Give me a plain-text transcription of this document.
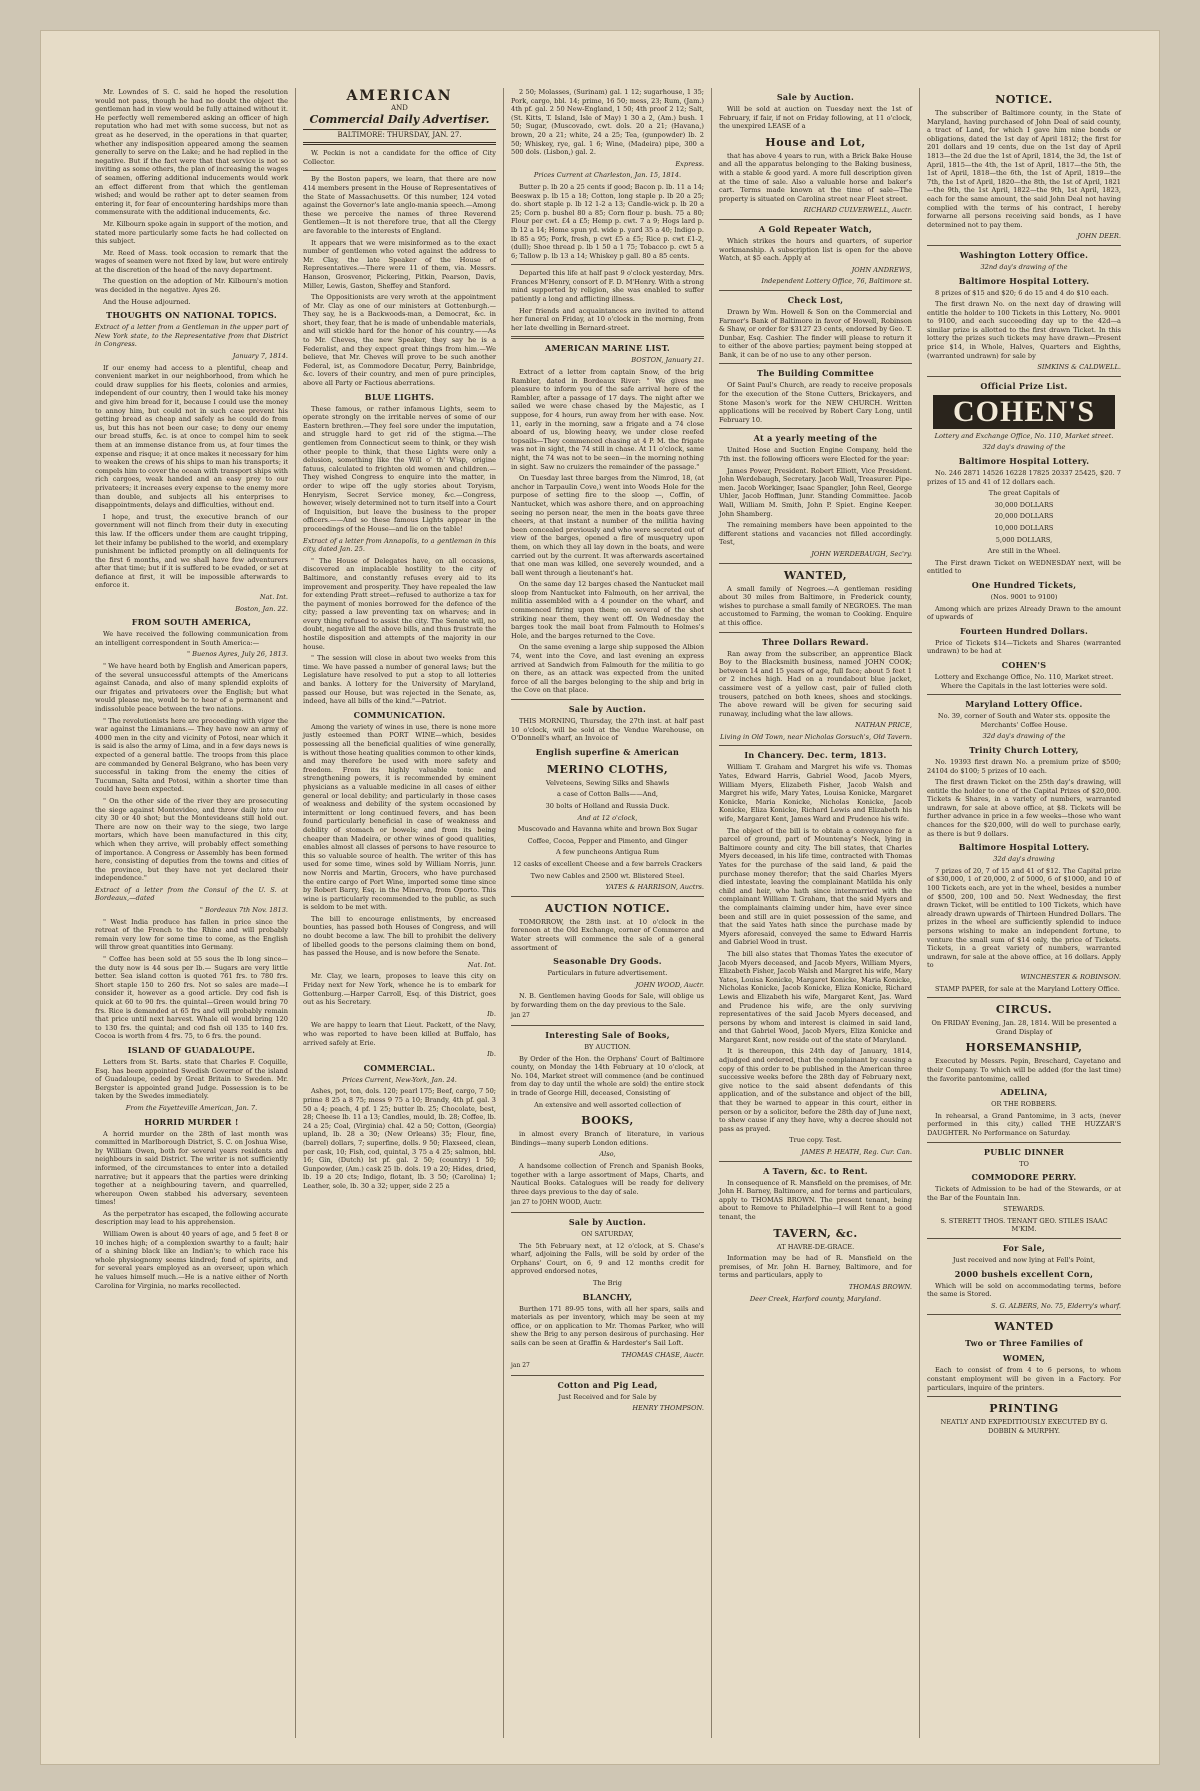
Mr. Lowndes of S. C. said he hoped the resolution would not pass, though he had no doubt the object the gentleman had in view would be fully attained without it. He perfectly well remembered asking an officer of high reputation who had met with some success, but not as great as he deserved, in the operations in that quarter, whether any indisposition appeared among the seamen generally to serve on the Lake; and he had replied in the negative. But if the fact were that that service is not so inviting as some others, the plan of increasing the wages of seamen, offering additional inducements would work an effect different from that which the gentleman wished; and would be rather apt to deter seamen from entering it, for fear of encountering hardships more than commensurate with the additional inducements, &c.

Mr. Kilbourn spoke again in support of the motion, and stated more particularly some facts he had collected on this subject.

Mr. Reed of Mass. took occasion to remark that the wages of seamen were not fixed by law, but were entirely at the discretion of the head of the navy department.

The question on the adoption of Mr. Kilbourn's motion was decided in the negative. Ayes 26.

And the House adjourned.

THOUGHTS ON NATIONAL TOPICS.

Extract of a letter from a Gentleman in the upper part of New York state, to the Representative from that District in Congress.

January 7, 1814.

If our enemy had access to a plentiful, cheap and convenient market in our neighborhood, from which he could draw supplies for his fleets, colonies and armies, independent of our country, then I would take his money and give him bread for it, because I could use the money to annoy him, but could not in such case prevent his getting bread as cheap and safely as he could do from us, but this has not been our case; to deny our enemy our bread stuffs, &c. is at once to compel him to seek them at an immense distance from us, at four times the expense and risque; it at once makes it necessary for him to weaken the crews of his ships to man his transports; it compels him to cover the ocean with transport ships with rich cargoes, weak handed and an easy prey to our privateers; it increases every expense to the enemy more than double, and subjects all his enterprises to disappointments, delays and difficulties, without end.

I hope, and trust, the executive branch of our government will not flinch from their duty in executing this law. If the officers under them are caught tripping, let their infamy be published to the world, and exemplary punishment be inflicted promptly on all delinquents for the first 6 months, and we shall have few adventurers after that time; but if it is suffered to be evaded, or set at defiance at first, it will be impossible afterwards to enforce it.

Nat. Int.

Boston, Jan. 22.

FROM SOUTH AMERICA,

We have received the following communication from an intelligent correspondent in South America:—

" Buenos Ayres, July 26, 1813.

" We have heard both by English and American papers, of the several unsuccessful attempts of the Americans against Canada, and also of many splendid exploits of our frigates and privateers over the English; but what would please me, would be to hear of a permanent and indissoluble peace between the two nations.

" The revolutionists here are proceeding with vigor the war against the Limanians.— They have now an army of 4000 men in the city and vicinity of Potosi, near which it is said is also the army of Lima, and in a few days news is expected of a general battle. The troops from this place are commanded by General Belgrano, who has been very successful in taking from the enemy the cities of Tucuman, Salta and Potosi, within a shorter time than could have been expected.

" On the other side of the river they are prosecuting the siege against Montevideo, and throw daily into our city 30 or 40 shot; but the Montevideans still hold out. There are now on their way to the siege, two large mortars, which have been manufactured in this city, which when they arrive, will probably effect something of importance. A Congress or Assembly has been formed here, consisting of deputies from the towns and cities of the province, but they have not yet declared their independence."

Extract of a letter from the Consul of the U. S. at Bordeaux,—dated

" Bordeaux 7th Nov. 1813.

" West India produce has fallen in price since the retreat of the French to the Rhine and will probably remain very low for some time to come, as the English will throw great quantities into Germany.

" Coffee has been sold at 55 sous the lb long since—the duty now is 44 sous per lb.— Sugars are very little better. Sea island cotton is quoted 761 frs. to 780 frs. Short staple 150 to 260 frs. Not so sales are made—I consider it, however as a good article. Dry cod fish is quick at 60 to 90 frs. the quintal—Green would bring 70 frs. Rice is demanded at 65 frs and will probably remain that price until next harvest. Whale oil would bring 120 to 130 frs. the quintal; and cod fish oil 135 to 140 frs. Cocoa is worth from 4 frs. 75, to 6 frs. the pound.

ISLAND OF GUADALOUPE.

Letters from St. Barts. state that Charles F. Coquille, Esq. has been appointed Swedish Governor of the island of Guadaloupe, ceded by Great Britain to Sweden. Mr. Bergster is appointed grand Judge. Possession is to be taken by the Swedes immediately.

From the Fayetteville American, Jan. 7.

HORRID MURDER !

A horrid murder on the 28th of last month was committed in Marlborough District, S. C. on Joshua Wise, by William Owen, both for several years residents and neighbours in said District. The writer is not sufficiently informed, of the circumstances to enter into a detailed narrative; but it appears that the parties were drinking together at a neighbouring tavern, and quarrelled, whereupon Owen stabbed his adversary, seventeen times!

As the perpetrator has escaped, the following accurate description may lead to his apprehension.

William Owen is about 40 years of age, and 5 feet 8 or 10 inches high; of a complexion swarthy to a fault; hair of a shining black like an Indian's; to which race his whole physiognomy seems kindred; fond of spirits, and for several years employed as an overseer, upon which he values himself much.—He is a native either of North Carolina for Virginia, no marks recollected.

AMERICAN
AND
Commercial Daily Advertiser.
BALTIMORE: THURSDAY, JAN. 27.

W. Peckin is not a candidate for the office of City Collector.

By the Boston papers, we learn, that there are now 414 members present in the House of Representatives of the State of Massachusetts. Of this number, 124 voted against the Governor's late anglo-mania speech.—Among these we perceive the names of three Reverend Gentlemen—It is not therefore true, that all the Clergy are favorable to the interests of England.

It appears that we were misinformed as to the exact number of gentlemen who voted against the address to Mr. Clay, the late Speaker of the House of Representatives.—There were 11 of them, via. Messrs. Hanson, Grosvenor, Pickering, Pitkin, Pearson, Davis, Miller, Lewis, Gaston, Sheffey and Stanford.

The Oppositionists are very wroth at the appointment of Mr. Clay as one of our ministers at Gottenburgh.—They say, he is a Backwoods-man, a Democrat, &c. in short, they fear, that he is made of unbendable materials, and will stickle hard for the honor of his country.——As to Mr. Cheves, the new Speaker, they say he is a Federalist, and they expect great things from him.—We believe, that Mr. Cheves will prove to be such another Federal, ist, as Commodore Decatur, Perry, Bainbridge, &c. lovers of their country, and men of pure principles, above all Party or Factious aberrations.

BLUE LIGHTS.

These famous, or rather infamous Lights, seem to operate strongly on the irritable nerves of some of our Eastern brethren.—They feel sore under the imputation, and struggle hard to get rid of the stigma.—The gentlemen from Connecticut seem to think, or they wish other people to think, that these Lights were only a delusion, something like the Will o' th' Wisp, origine fatuus, calculated to frighten old women and children.—They wished Congress to enquire into the matter, in order to wipe off the ugly stories about Toryism, Henryism, Secret Service money, &c.—Congress, however, wisely determined not to turn itself into a Court of Inquisition, but leave the business to the proper officers.——And so these famous Lights appear in the proceedings of the House—and lie on the table!

Extract of a letter from Annapolis, to a gentleman in this city, dated Jan. 25.

" The House of Delegates have, on all occasions, discovered an implacable hostility to the city of Baltimore, and constantly refuses every aid to its improvement and prosperity. They have repealed the law for extending Pratt street—refused to authorize a tax for the payment of monies borrowed for the defence of the city; passed a law preventing tax on wharves; and in every thing refused to assist the city. The Senate will, no doubt, negative all the above bills, and thus frustrate the hostile disposition and attempts of the majority in our house.

" The session will close in about two weeks from this time. We have passed a number of general laws; but the Legislature have resolved to put a stop to all lotteries and banks. A lottery for the University of Maryland, passed our House, but was rejected in the Senate, as, indeed, have all bills of the kind."—Patriot.

COMMUNICATION.

Among the variety of wines in use, there is none more justly esteemed than PORT WINE—which, besides possessing all the beneficial qualities of wine generally, is without those heating qualities common to other kinds, and may therefore be used with more safety and freedom. From its highly valuable tonic and strengthening powers, it is recommended by eminent physicians as a valuable medicine in all cases of either general or local debility; and particularly in those cases of weakness and debility of the system occasioned by intermittent or long continued fevers, and has been found particularly beneficial in case of weakness and debility of stomach or bowels; and from its being cheaper than Madeira, or other wines of good qualities, enables almost all classes of persons to have resource to this so valuable source of health. The writer of this has used for some time, wines sold by William Norris, junr. now Norris and Martin, Grocers, who have purchased the entire cargo of Port Wine, imported some time since by Robert Barry, Esq. in the Minerva, from Oporto. This wine is particularly recommended to the public, as such is seldom to be met with.

The bill to encourage enlistments, by encreased bounties, has passed both Houses of Congress, and will no doubt become a law. The bill to prohibit the delivery of libelled goods to the persons claiming them on bond, has passed the House, and is now before the Senate.

Nat. Int.

Mr. Clay, we learn, proposes to leave this city on Friday next for New York, whence he is to embark for Gottenburg.—Harper Carroll, Esq. of this District, goes out as his Secretary.

Ib.

We are happy to learn that Lieut. Packett, of the Navy, who was reported to have been killed at Buffalo, has arrived safely at Erie.

Ib.

COMMERCIAL.

Prices Current, New-York, Jan. 24.

Ashes, pot, ton, dols. 120; pearl 175; Beef, cargo, 7 50; prime 8 25 a 8 75; mess 9 75 a 10; Brandy, 4th pf. gal. 3 50 a 4; peach, 4 pf. 1 25; butter lb. 25; Chocolate, best, 28; Cheese lb. 11 a 13; Candles, mould, lb. 28; Coffee, lb. 24 a 25; Coal, (Virginia) chal. 42 a 50; Cotton, (Georgia) upland, lb. 28 a 30; (New Orleans) 35; Flour, fine, (barrel) dollars, 7; superfine, dolls. 9 50; Flaxseed, clean, per cask, 10; Fish, cod, quintal, 3 75 a 4 25; salmon, bbl. 16; Gin, (Dutch) lst pf. gal. 2 50; (country) 1 50; Gunpowder, (Am.) cask 25 lb. dols. 19 a 20; Hides, dried, lb. 19 a 20 cts; Indigo, flotant, lb. 3 50; (Carolina) 1; Leather, sole, lb. 30 a 32; upper, side 2 25 a

2 50; Molasses, (Surinam) gal. 1 12; sugarhouse, 1 35; Pork, cargo, bbl. 14; prime, 16 50; mess, 23; Rum, (Jam.) 4th pf. gal. 2 50 New-England, 1 50; 4th proof 2 12; Salt, (St. Kitts, T. Island, Isle of May) 1 30 a 2, (Am.) bush. 1 50; Sugar, (Muscovado, cwt. dols. 20 a 21; (Havana,) brown, 20 a 21; white, 24 a 25; Tea, (gunpowder) lb. 2 50; Whiskey, rye, gal. 1 6; Wine, (Madeira) pipe, 300 a 500 dols. (Lisbon,) gal. 2.

Express.

Prices Current at Charleston, Jan. 15, 1814.

Butter p. lb 20 a 25 cents if good; Bacon p. lb. 11 a 14; Beeswax p. lb 15 a 18; Cotton, long staple p. lb 20 a 25; do. short staple p. lb 12 1-2 a 13; Candle-wick p. lb 20 a 25; Corn p. bushel 80 a 85; Corn flour p. bush. 75 a 80; Flour per cwt. £4 a £5; Hemp p. cwt. 7 a 9; Hogs lard p. lb 12 a 14; Home spun yd. wide p. yard 35 a 40; Indigo p. lb 85 a 95; Pork, fresh, p cwt £5 a £5; Rice p. cwt £1-2, (dull); Shoe thread p. lb 1 50 a 1 75; Tobacco p. cwt 5 a 6; Tallow p. lb 13 a 14; Whiskey p gall. 80 a 85 cents.

Departed this life at half past 9 o'clock yesterday, Mrs. Frances M'Henry, consort of F. D. M'Henry. With a strong mind supported by religion, she was enabled to suffer patiently a long and afflicting illness.

Her friends and acquaintances are invited to attend her funeral on Friday, at 10 o'clock in the morning, from her late dwelling in Bernard-street.

AMERICAN MARINE LIST.

BOSTON, January 21.

Extract of a letter from captain Snow, of the brig Rambler, dated in Bordeaux River: " We gives me pleasure to inform you of the safe arrival here of the Rambler, after a passage of 17 days. The night after we sailed we were chase chased by the Majestic, as I suppose, for 4 hours, run away from her with ease. Nov. 11, early in the morning, saw a frigate and a 74 close aboard of us, blowing heavy, we under close reefed topsails—They commenced chasing at 4 P. M. the frigate was not in sight, the 74 still in chase. At 11 o'clock, same night, the 74 was not to be seen—in the morning nothing in sight. Saw no cruizers the remainder of the passage."

On Tuesday last three barges from the Nimrod, 18, (at anchor in Tarpaulin Cove,) went into Woods Hole for the purpose of setting fire to the sloop —, Coffin, of Nantucket, which was ashore there, and on approaching seeing no person near, the men in the boats gave three cheers, at that instant a number of the militia having been concealed previously and who were secreted out of view of the barges, opened a fire of musquetry upon them, on which they all lay down in the boats, and were carried out by the current. It was afterwards ascertained that one man was killed, one severely wounded, and a ball went through a lieutenant's hat.

On the same day 12 barges chased the Nantucket mail sloop from Nantucket into Falmouth, on her arrival, the militia assembled with a 4 pounder on the wharf, and commenced firing upon them; on several of the shot striking near them, they went off. On Wednesday the barges took the mail boat from Falmouth to Holmes's Hole, and the barges returned to the Cove.

On the same evening a large ship supposed the Albion 74, went into the Cove, and last evening an express arrived at Sandwich from Falmouth for the militia to go on there, as an attack was expected from the united force of all the barges belonging to the ship and brig in the Cove on that place.

Sale by Auction.

THIS MORNING, Thursday, the 27th inst. at half past 10 o'clock, will be sold at the Vendue Warehouse, on O'Donnell's wharf, an Invoice of

English superfine & American
MERINO CLOTHS,

Velveteens, Sewing Silks and Shawls

a case of Cotton Balls——And,

30 bolts of Holland and Russia Duck.

And at 12 o'clock,

Muscovado and Havanna white and brown Box Sugar

Coffee, Cocoa, Pepper and Pimento, and Ginger

A few puncheons Antigua Rum

12 casks of excellent Cheese and a few barrels Crackers

Two new Cables and 2500 wt. Blistered Steel.

YATES & HARRISON, Auctrs.

AUCTION NOTICE.

TOMORROW, the 28th inst. at 10 o'clock in the forenoon at the Old Exchange, corner of Commerce and Water streets will commence the sale of a general assortment of

Seasonable Dry Goods.

Particulars in future advertisement.

JOHN WOOD, Auctr.

N. B. Gentlemen having Goods for Sale, will oblige us by forwarding them on the day previous to the Sale.

jan 27

Interesting Sale of Books,

BY AUCTION.

By Order of the Hon. the Orphans' Court of Baltimore county, on Monday the 14th February at 10 o'clock, at No. 104, Market street will commence (and be continued from day to day until the whole are sold) the entire stock in trade of George Hill, deceased, Consisting of

An extensive and well assorted collection of

BOOKS,

in almost every Branch of literature, in various Bindings—many superb London editions.

Also,

A handsome collection of French and Spanish Books, together with a large assortment of Maps, Charts, and Nautical Books. Catalogues will be ready for delivery three days previous to the day of sale.

jan 27 to JOHN WOOD, Auctr.

Sale by Auction.

ON SATURDAY,

The 5th February next, at 12 o'clock, at S. Chase's wharf, adjoining the Falls, will be sold by order of the Orphans' Court, on 6, 9 and 12 months credit for approved endorsed notes,

The Brig

BLANCHY,

Burthen 171 89-95 tons, with all her spars, sails and materials as per inventory, which may be seen at my office, or on application to Mr. Thomas Parker, who will shew the Brig to any person desirous of purchasing. Her sails can be seen at Graffin & Hardester's Sail Loft.

THOMAS CHASE, Auctr.

jan 27

Cotton and Pig Lead,

Just Received and for Sale by

HENRY THOMPSON.

Sale by Auction.

Will be sold at auction on Tuesday next the 1st of February, if fair, if not on Friday following, at 11 o'clock, the unexpired LEASE of a

House and Lot,

that has above 4 years to run, with a Brick Bake House and all the apparatus belonging to the Baking business, with a stable & good yard. A more full description given at the time of sale. Also a valuable horse and baker's cart. Terms made known at the time of sale—The property is situated on Carolina street near Fleet street.

RICHARD CULVERWELL, Auctr.

A Gold Repeater Watch,

Which strikes the hours and quarters, of superior workmanship. A subscription list is open for the above Watch, at $5 each. Apply at

JOHN ANDREWS,

Independent Lottery Office, 76, Baltimore st.

Check Lost,

Drawn by Wm. Howell & Son on the Commercial and Farmer's Bank of Baltimore in favor of Howell, Robinson & Shaw, or order for $3127 23 cents, endorsed by Geo. T. Dunbar, Esq. Cashier. The finder will please to return it to either of the above parties; payment being stopped at Bank, it can be of no use to any other person.

The Building Committee

Of Saint Paul's Church, are ready to receive proposals for the execution of the Stone Cutters, Brickayers, and Stone Mason's work for the NEW CHURCH. Written applications will be received by Robert Cary Long, until February 10.

At a yearly meeting of the

United Hose and Suction Engine Company, held the 7th inst. the following officers were Elected for the year:

James Power, President. Robert Elliott, Vice President. John Werdebaugh, Secretary. Jacob Wall, Treasurer. Pipe-men. Jacob Workinger, Isaac Spangler, John Reel, George Uhler, Jacob Hoffman, Junr. Standing Committee. Jacob Wall, William M. Smith, John P. Spiet. Engine Keeper. John Shamberg.

The remaining members have been appointed to the different stations and vacancies not filled accordingly. Test,

JOHN WERDEBAUGH, Sec'ry.

WANTED,

A small family of Negroes.—A gentleman residing about 30 miles from Baltimore, in Frederick county, wishes to purchase a small family of NEGROES. The man accustomed to Farming, the woman to Cooking. Enquire at this office.

Three Dollars Reward.

Ran away from the subscriber, an apprentice Black Boy to the Blacksmith business, named JOHN COOK; between 14 and 15 years of age, full face; about 5 feet 1 or 2 inches high. Had on a roundabout blue jacket, cassimere vest of a yellow cast, pair of fulled cloth trousers, patched on both knees, shoes and stockings. The above reward will be given for securing said runaway, including what the law allows.

NATHAN PRICE,

Living in Old Town, near Nicholas Gorsuch's, Old Tavern.

In Chancery. Dec. term, 1813.

William T. Graham and Margret his wife vs. Thomas Yates, Edward Harris, Gabriel Wood, Jacob Myers, William Myers, Elizabeth Fisher, Jacob Walsh and Margret his wife, Mary Yates, Louisa Konicke, Margaret Konicke, Maria Konicke, Nicholas Konicke, Jacob Konicke, Eliza Konicke, Richard Lewis and Elizabeth his wife, Margaret Kent, James Ward and Prudence his wife.

The object of the bill is to obtain a conveyance for a parcel of ground, part of Mountenay's Neck, lying in Baltimore county and city. The bill states, that Charles Myers deceased, in his life time, contracted with Thomas Yates for the purchase of the said land, & paid the purchase money therefor; that the said Charles Myers died intestate, leaving the complainant Matilda his only child and heir, who hath since intermarried with the complainant William T. Graham, that the said Myers and the complainants claiming under him, have ever since been and still are in quiet possession of the same, and that the said Yates hath since the purchase made by Myers aforesaid, conveyed the same to Edward Harris and Gabriel Wood in trust.

The bill also states that Thomas Yates the executor of Jacob Myers deceased, and Jacob Myers, William Myers, Elizabeth Fisher, Jacob Walsh and Margret his wife, Mary Yates, Louisa Konicke, Margaret Konicke, Maria Konicke, Nicholas Konicke, Jacob Konicke, Eliza Konicke, Richard Lewis and Elizabeth his wife, Margaret Kent, Jas. Ward and Prudence his wife, are the only surviving representatives of the said Jacob Myers deceased, and persons by whom and interest is claimed in said land, and that Gabriel Wood, Jacob Myers, Eliza Konicke and Margaret Kent, now reside out of the state of Maryland.

It is thereupon, this 24th day of January, 1814, adjudged and ordered, that the complainant by causing a copy of this order to be published in the American three successive weeks before the 28th day of February next, give notice to the said absent defendants of this application, and of the substance and object of the bill, that they be warned to appear in this court, either in person or by a solicitor, before the 28th day of June next, to shew cause if any they have, why a decree should not pass as prayed.

True copy. Test.

JAMES P. HEATH, Reg. Cur. Can.

A Tavern, &c. to Rent.

In consequence of R. Mansfield on the premises, of Mr. John H. Barney, Baltimore, and for terms and particulars, apply to THOMAS BROWN. The present tenant, being about to Remove to Philadelphia—I will Rent to a good tenant, the

TAVERN, &c.

AT HAVRE-DE-GRACE.

Information may be had of R. Mansfield on the premises, of Mr. John H. Barney, Baltimore, and for terms and particulars, apply to

THOMAS BROWN.

Deer Creek, Harford county, Maryland.

NOTICE.

The subscriber of Baltimore county, in the State of Maryland, having purchased of John Deal of said county, a tract of Land, for which I gave him nine bonds or obligations, dated the 1st day of April 1812; the first for 201 dollars and 19 cents, due on the 1st day of April 1813—the 2d due the 1st of April, 1814, the 3d, the 1st of April, 1815—the 4th, the 1st of April, 1817—the 5th, the 1st of April, 1818—the 6th, the 1st of April, 1819—the 7th, the 1st of April, 1820—the 8th, the 1st of April, 1821—the 9th, the 1st April, 1822—the 9th, 1st April, 1823, each for the same amount, the said John Deal not having complied with the terms of his contract, I hereby forwarne all persons receiving said bonds, as I have determined not to pay them.

JOHN DEER.

Washington Lottery Office.

32nd day's drawing of the

Baltimore Hospital Lottery.

8 prizes of $15 and $20; 6 do 15 and 4 do $10 each.

The first drawn No. on the next day of drawing will entitle the holder to 100 Tickets in this Lottery, No. 9001 to 9100, and each succeeding day up to the 42d—a similar prize is allotted to the first drawn Ticket. In this lottery the prizes such tickets may have drawn—Present price $14, in Whole, Halves, Quarters and Eighths, (warranted undrawn) for sale by

SIMKINS & CALDWELL.

Official Prize List.
COHEN'S

Lottery and Exchange Office, No. 110, Market street.

32d day's drawing of the

Baltimore Hospital Lottery.

No. 246 2871 14526 16228 17825 20337 25425, $20. 7 prizes of 15 and 41 of 12 dollars each.

The great Capitals of

30,000 DOLLARS

20,000 DOLLARS

10,000 DOLLARS

5,000 DOLLARS,

Are still in the Wheel.

The First drawn Ticket on WEDNESDAY next, will be entitled to

One Hundred Tickets,

(Nos. 9001 to 9100)

Among which are prizes Already Drawn to the amount of upwards of

Fourteen Hundred Dollars.

Price of Tickets $14—Tickets and Shares (warranted undrawn) to be had at

COHEN'S

Lottery and Exchange Office, No. 110, Market street. Where the Capitals in the last lotteries were sold.

Maryland Lottery Office.

No. 39, corner of South and Water sts. opposite the Merchants' Coffee House.

32d day's drawing of the

Trinity Church Lottery,

No. 19393 first drawn No. a premium prize of $500; 24104 do $100; 5 prizes of 10 each.

The first drawn Ticket on the 25th day's drawing, will entitle the holder to one of the Capital Prizes of $20,000. Tickets & Shares, in a variety of numbers, warranted undrawn, for sale at above office, at $8. Tickets will be further advance in price in a few weeks—those who want chances for the $20,000, will do well to purchase early, as there is but 9 dollars.

Baltimore Hospital Lottery.

32d day's drawing

7 prizes of 20, 7 of 15 and 41 of $12. The Capital prize of $30,000, 1 of 20,000, 2 of 5000, 6 of $1000, and 10 of 100 Tickets each, are yet in the wheel, besides a number of $500, 200, 100 and 50. Next Wednesday, the first drawn Ticket, will be entitled to 100 Tickets, which have already drawn upwards of Thirteen Hundred Dollars. The prizes in the wheel are sufficiently splendid to induce persons wishing to make an independent fortune, to venture the small sum of $14 only, the price of Tickets. Tickets, in a great variety of numbers, warranted undrawn, for sale at the above office, at 16 dollars. Apply to

WINCHESTER & ROBINSON.

STAMP PAPER, for sale at the Maryland Lottery Office.

CIRCUS.

On FRIDAY Evening, Jan. 28, 1814. Will be presented a Grand Display of

HORSEMANSHIP,

Executed by Messrs. Pepin, Breschard, Cayetano and their Company. To which will be added (for the last time) the favorite pantomime, called

ADELINA,

OR THE ROBBERS.

In rehearsal, a Grand Pantomime, in 3 acts, (never performed in this city,) called THE HUZZAR'S DAUGHTER. No Performance on Saturday.

PUBLIC DINNER

TO

COMMODORE PERRY.

Tickets of Admission to be had of the Stewards, or at the Bar of the Fountain Inn.

STEWARDS.

S. STERETT THOS. TENANT GEO. STILES ISAAC M'KIM.

For Sale,

Just received and now lying at Fell's Point,

2000 bushels excellent Corn,

Which will be sold on accommodating terms, before the same is Stored.

S. G. ALBERS, No. 75, Elderry's wharf.

WANTED
Two or Three Families of
WOMEN,

Each to consist of from 4 to 6 persons, to whom constant employment will be given in a Factory. For particulars, inquire of the printers.

PRINTING

NEATLY AND EXPEDITIOUSLY EXECUTED BY G. DOBBIN & MURPHY.
